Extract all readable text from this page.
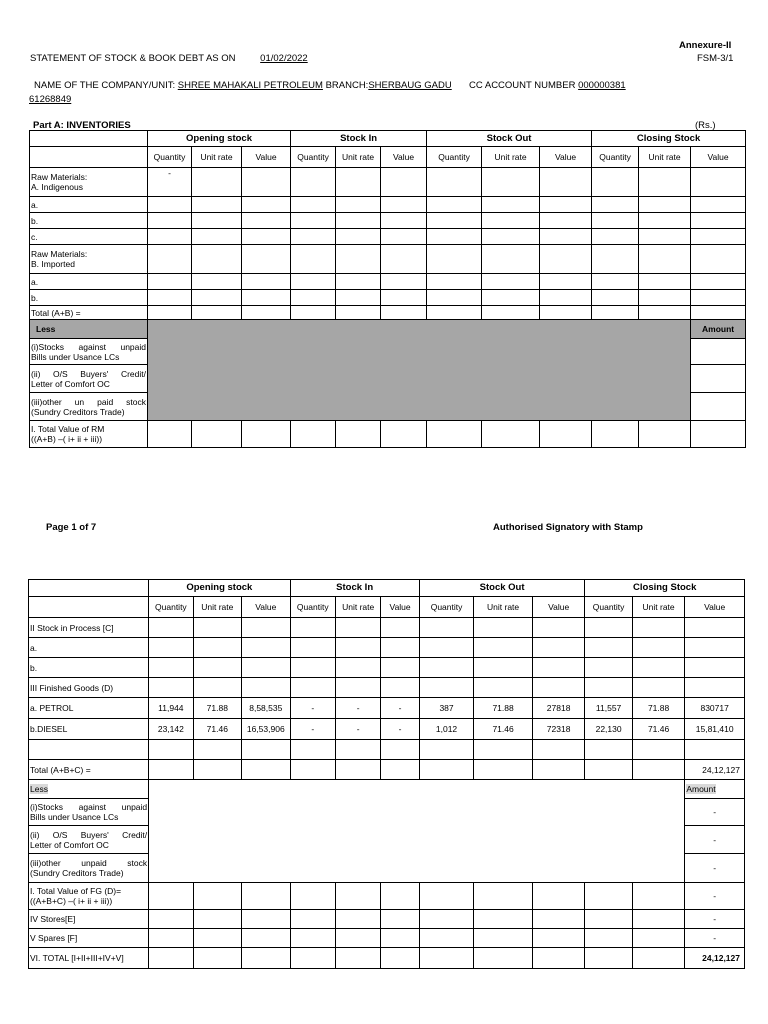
Annexure-II
FSM-3/1
STATEMENT OF STOCK & BOOK DEBT AS ON	01/02/2022
NAME OF THE COMPANY/UNIT: SHREE MAHAKALI PETROLEUM BRANCH:SHERBAUG GADU CC ACCOUNT NUMBER 000000381
61268849
Part A: INVENTORIES	(Rs.)
	Opening stock			Stock In			Stock Out			Closing Stock		
	Quantity	Unit rate	Value	Quantity	Unit rate	Value	Quantity	Unit rate	Value	Quantity	Unit rate	Value
Raw Materials:
A. Indigenous	-											
a.												
b.												
c.												
Raw Materials:
B. Imported												
a.												
b.												
Total (A+B) =												
Less												Amount

(i)Stocks against unpaid
Bills under Usance LCs												

(ii) O/S Buyers' Credit/
Letter of Comfort OC												

(iii)other un paid stock
(Sundry Creditors Trade)												

I. Total Value of RM
((A+B) –( i+ ii + iii))												

Page 1 of 7	Authorised Signatory with Stamp
	Opening stock			Stock In			Stock Out			Closing Stock		
	Quantity	Unit rate	Value	Quantity	Unit rate	Value	Quantity	Unit rate	Value	Quantity	Unit rate	Value
II Stock in Process [C]												
a.												
b.												
III Finished Goods (D)												
a. PETROL	11,944	71.88	8,58,535	-	-	-	387	71.88	27818	11,557	71.88	830717
b.DIESEL	23,142	71.46	16,53,906	-	-	-	1,012	71.46	72318	22,130	71.46	15,81,410

Total (A+B+C) =												24,12,127
Less												Amount

(i)Stocks against unpaid
Bills under Usance LCs												-

(ii) O/S Buyers' Credit/
Letter of Comfort OC												-

(iii)other unpaid stock
(Sundry Creditors Trade)												-

I. Total Value of FG (D)=
((A+B+C) –( i+ ii + iii))												-
IV Stores[E]												-
V Spares [F]												-
VI. TOTAL [I+II+III+IV+V]												24,12,127
